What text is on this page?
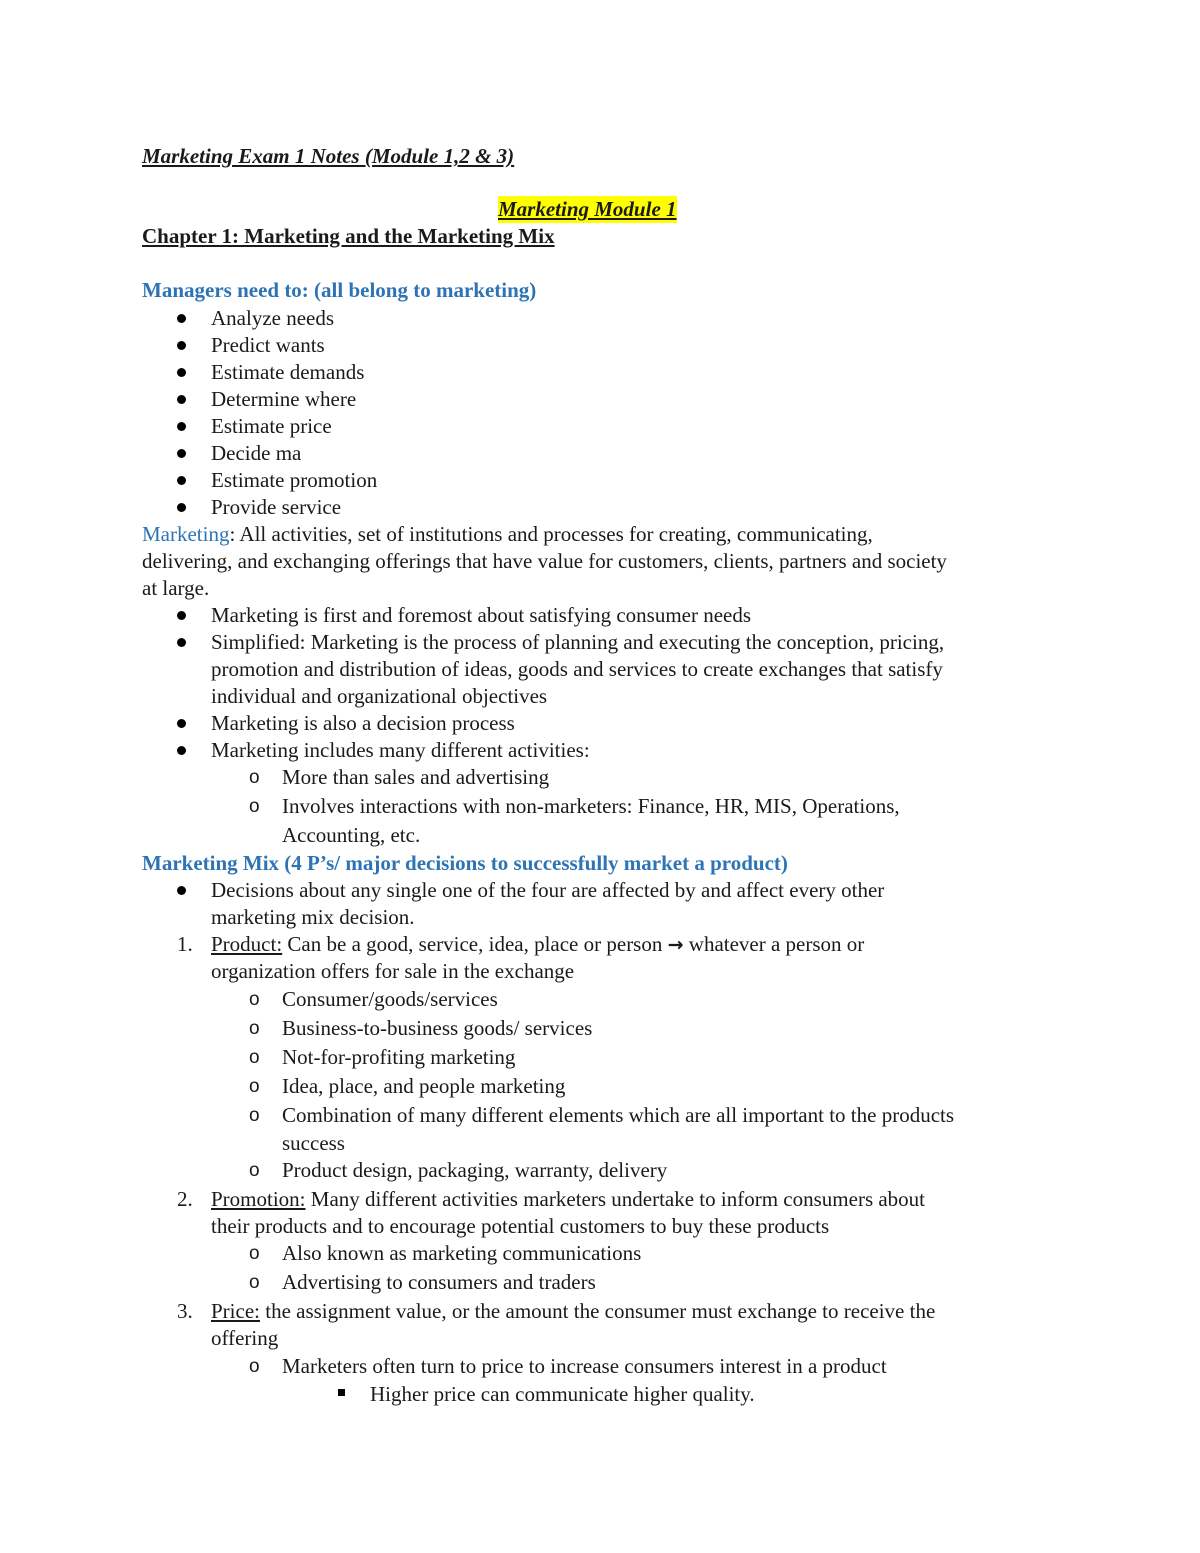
Marketing Exam 1 Notes (Module 1,2 & 3)
Marketing Module 1
Chapter 1: Marketing and the Marketing Mix
Managers need to: (all belong to marketing)
Analyze needs
Predict wants
Estimate demands
Determine where
Estimate price
Decide ma
Estimate promotion
Provide service
Marketing: All activities, set of institutions and processes for creating, communicating,
delivering, and exchanging offerings that have value for customers, clients, partners and society
at large.
Marketing is first and foremost about satisfying consumer needs
Simplified: Marketing is the process of planning and executing the conception, pricing,
promotion and distribution of ideas, goods and services to create exchanges that satisfy
individual and organizational objectives
Marketing is also a decision process
Marketing includes many different activities:
o More than sales and advertising
o Involves interactions with non-marketers: Finance, HR, MIS, Operations,
Accounting, etc.
Marketing Mix (4 P’s/ major decisions to successfully market a product)
Decisions about any single one of the four are affected by and affect every other
marketing mix decision.
1. Product: Can be a good, service, idea, place or person → whatever a person or
organization offers for sale in the exchange
o Consumer/goods/services
o Business-to-business goods/ services
o Not-for-profiting marketing
o Idea, place, and people marketing
o Combination of many different elements which are all important to the products
success
o Product design, packaging, warranty, delivery
2. Promotion: Many different activities marketers undertake to inform consumers about
their products and to encourage potential customers to buy these products
o Also known as marketing communications
o Advertising to consumers and traders
3. Price: the assignment value, or the amount the consumer must exchange to receive the
offering
o Marketers often turn to price to increase consumers interest in a product
Higher price can communicate higher quality.
